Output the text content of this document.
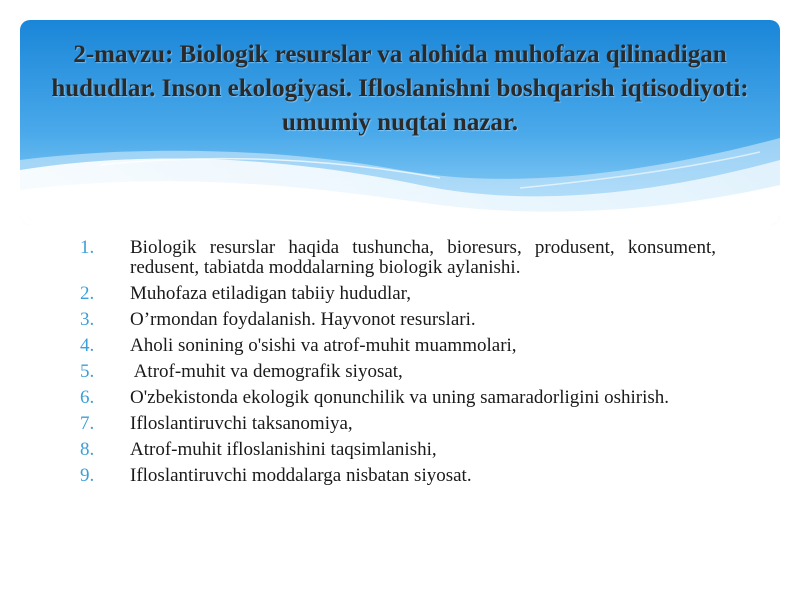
2-mavzu: Biologik resurslar va alohida muhofaza qilinadigan hududlar. Inson ekologiyasi. Ifloslanishni boshqarish iqtisodiyoti: umumiy nuqtai nazar.
1.	Biologik resurslar haqida tushuncha, bioresurs, produsent, konsument, redusent, tabiatda moddalarning biologik aylanishi.
2.	Muhofaza etiladigan tabiiy hududlar,
3.	O’rmondan foydalanish. Hayvonot resurslari.
4.	Aholi sonining o'sishi va atrof-muhit muammolari,
5.	Atrof-muhit va demografik siyosat,
6.	O'zbekistonda ekologik qonunchilik va uning samaradorligini oshirish.
7.	Ifloslantiruvchi taksanomiya,
8.	Atrof-muhit ifloslanishini taqsimlanishi,
9.	Ifloslantiruvchi moddalarga nisbatan siyosat.
